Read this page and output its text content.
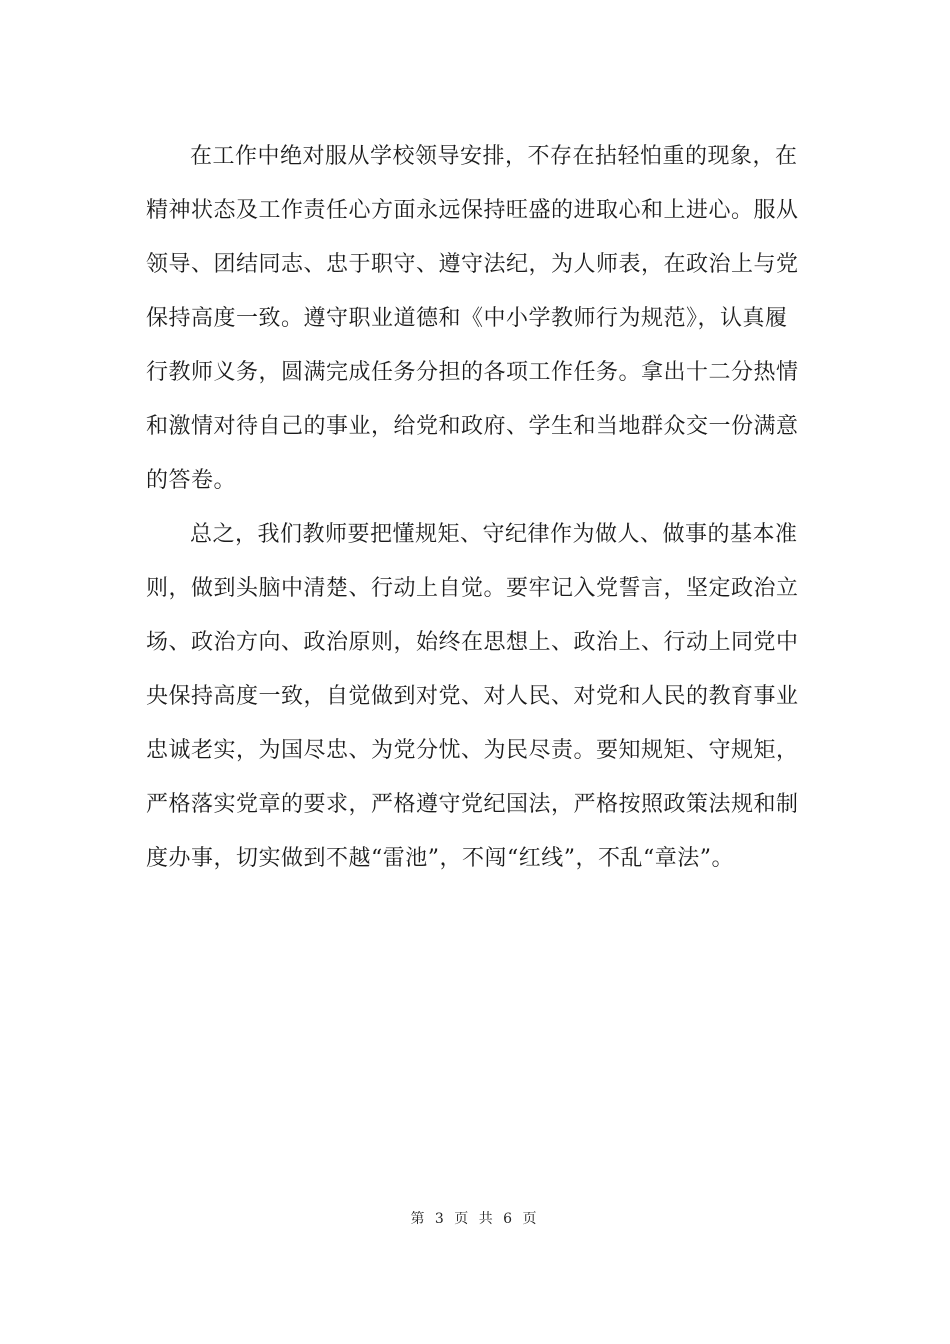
在工作中绝对服从学校领导安排，不存在拈轻怕重的现象，在
精神状态及工作责任心方面永远保持旺盛的进取心和上进心。服从
领导、团结同志、忠于职守、遵守法纪，为人师表，在政治上与党
保持高度一致。遵守职业道德和《中小学教师行为规范》，认真履
行教师义务，圆满完成任务分担的各项工作任务。拿出十二分热情
和激情对待自己的事业，给党和政府、学生和当地群众交一份满意
的答卷。

总之，我们教师要把懂规矩、守纪律作为做人、做事的基本准
则，做到头脑中清楚、行动上自觉。要牢记入党誓言，坚定政治立
场、政治方向、政治原则，始终在思想上、政治上、行动上同党中
央保持高度一致，自觉做到对党、对人民、对党和人民的教育事业
忠诚老实，为国尽忠、为党分忧、为民尽责。要知规矩、守规矩，
严格落实党章的要求，严格遵守党纪国法，严格按照政策法规和制
度办事，切实做到不越“雷池”，不闯“红线”，不乱“章法”。

第 3 页 共 6 页
